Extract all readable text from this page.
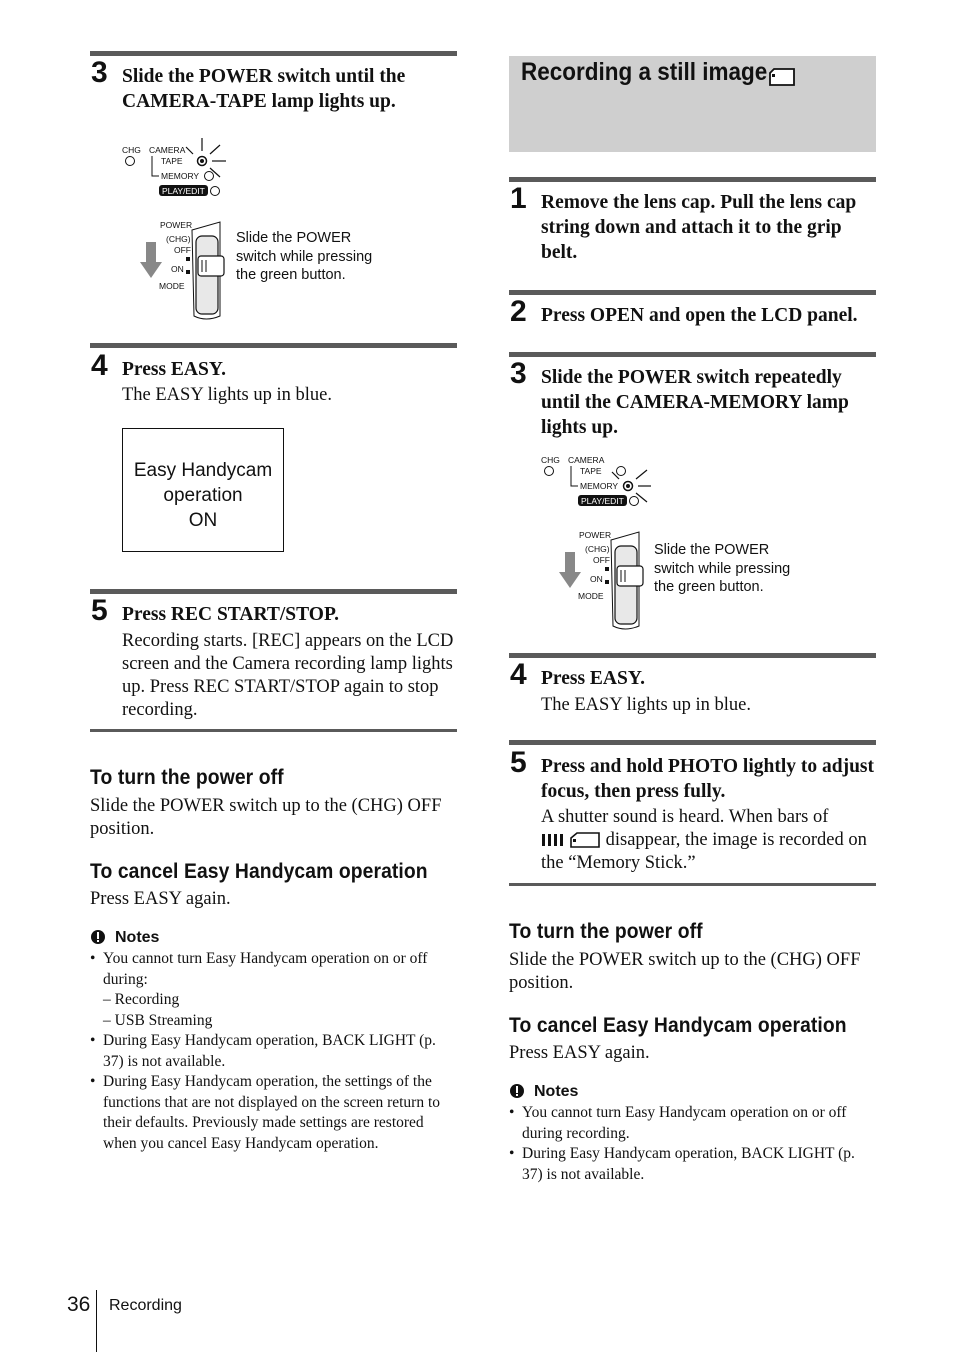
3 Slide the POWER switch until the CAMERA-TAPE lamp lights up.
CHG CAMERA
TAPE
MEMORY
PLAY/EDIT
POWER
(CHG)
OFF
ON
MODE
Slide the POWER switch while pressing the green button.
4 Press EASY.
The EASY lights up in blue.
Easy Handycam
operation
ON
5 Press REC START/STOP.
Recording starts. [REC] appears on the LCD screen and the Camera recording lamp lights up. Press REC START/STOP again to stop recording.
To turn the power off
Slide the POWER switch up to the (CHG) OFF position.
To cancel Easy Handycam operation
Press EASY again.
Notes
• You cannot turn Easy Handycam operation on or off during:
– Recording
– USB Streaming
• During Easy Handycam operation, BACK LIGHT (p. 37) is not available.
• During Easy Handycam operation, the settings of the functions that are not displayed on the screen return to their defaults. Previously made settings are restored when you cancel Easy Handycam operation.
Recording a still image
1 Remove the lens cap. Pull the lens cap string down and attach it to the grip belt.
2 Press OPEN and open the LCD panel.
3 Slide the POWER switch repeatedly until the CAMERA-MEMORY lamp lights up.
CHG CAMERA
TAPE
MEMORY
PLAY/EDIT
POWER
(CHG)
OFF
ON
MODE
Slide the POWER switch while pressing the green button.
4 Press EASY.
The EASY lights up in blue.
5 Press and hold PHOTO lightly to adjust focus, then press fully.
A shutter sound is heard. When bars of
disappear, the image is recorded on the “Memory Stick.”
To turn the power off
Slide the POWER switch up to the (CHG) OFF position.
To cancel Easy Handycam operation
Press EASY again.
Notes
• You cannot turn Easy Handycam operation on or off during recording.
• During Easy Handycam operation, BACK LIGHT (p. 37) is not available.
36 Recording
